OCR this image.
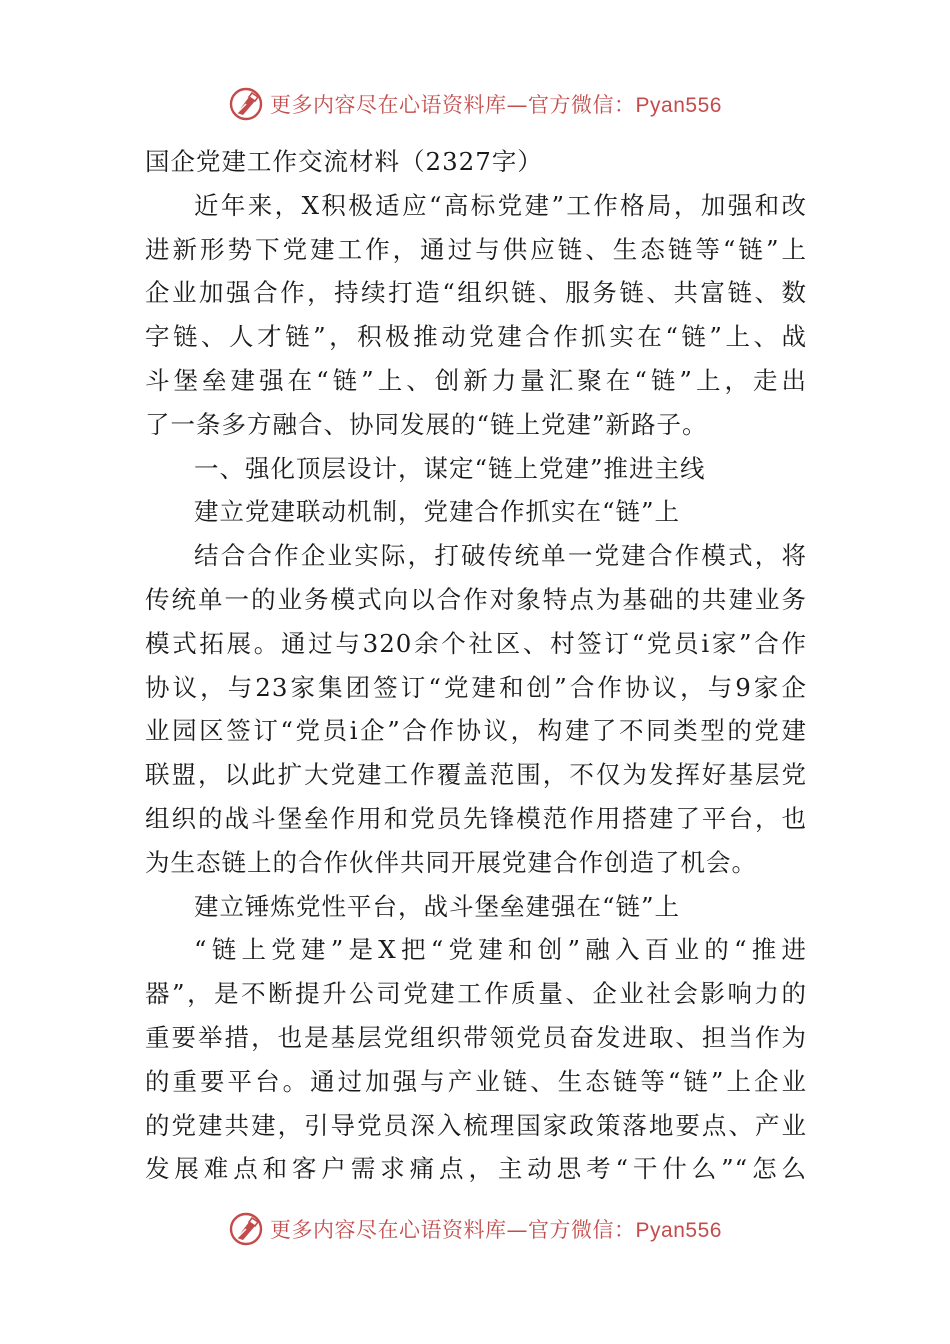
更多内容尽在心语资料库—官方微信：Pyan556
国企党建工作交流材料（2327字）
近年来，X积极适应“高标党建”工作格局，加强和改
进新形势下党建工作，通过与供应链、生态链等“链”上
企业加强合作，持续打造“组织链、服务链、共富链、数
字链、人才链”，积极推动党建合作抓实在“链”上、战
斗堡垒建强在“链”上、创新力量汇聚在“链”上，走出
了一条多方融合、协同发展的“链上党建”新路子。
一、强化顶层设计，谋定“链上党建”推进主线
建立党建联动机制，党建合作抓实在“链”上
结合合作企业实际，打破传统单一党建合作模式，将
传统单一的业务模式向以合作对象特点为基础的共建业务
模式拓展。通过与320余个社区、村签订“党员i家”合作
协议，与23家集团签订“党建和创”合作协议，与9家企
业园区签订“党员i企”合作协议，构建了不同类型的党建
联盟，以此扩大党建工作覆盖范围，不仅为发挥好基层党
组织的战斗堡垒作用和党员先锋模范作用搭建了平台，也
为生态链上的合作伙伴共同开展党建合作创造了机会。
建立锤炼党性平台，战斗堡垒建强在“链”上
“链上党建”是X把“党建和创”融入百业的“推进
器”，是不断提升公司党建工作质量、企业社会影响力的
重要举措，也是基层党组织带领党员奋发进取、担当作为
的重要平台。通过加强与产业链、生态链等“链”上企业
的党建共建，引导党员深入梳理国家政策落地要点、产业
发展难点和客户需求痛点，主动思考“干什么”“怎么
更多内容尽在心语资料库—官方微信：Pyan556
